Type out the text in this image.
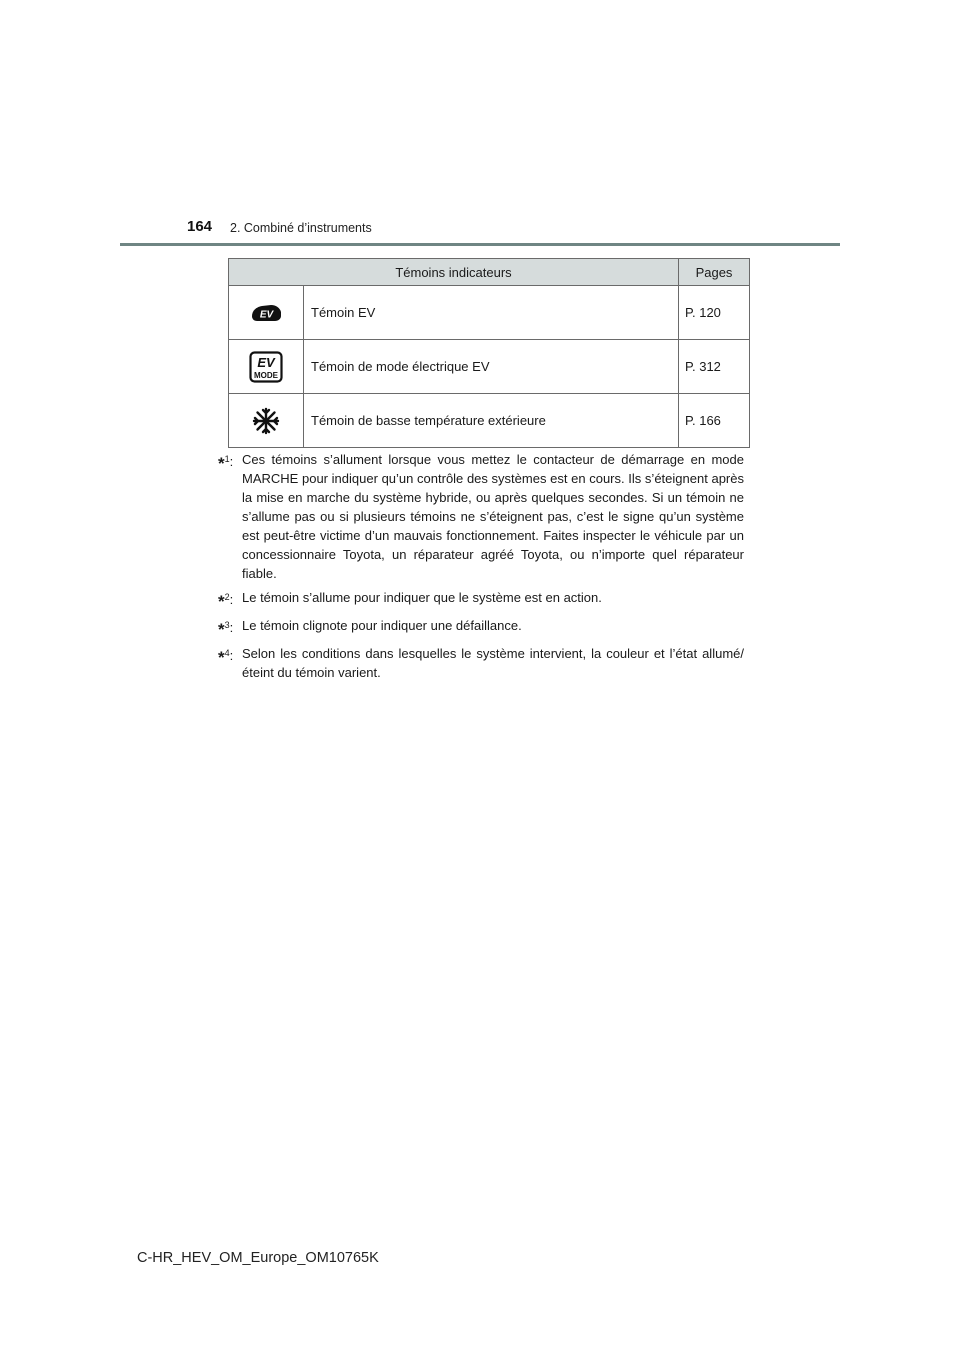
164 2. Combiné d’instruments
Témoins indicateurs		Pages

EV	Témoin EV	P. 120

EV
MODE	Témoin de mode électrique EV	P. 312
	Témoin de basse température extérieure	P. 166
*$^1$: Ces témoins s’allument lorsque vous mettez le contacteur de démarrage en mode MARCHE pour indiquer qu’un contrôle des systèmes est en cours. Ils s’éteignent après la mise en marche du système hybride, ou après quelques secondes. Si un témoin ne s’allume pas ou si plusieurs témoins ne s’éteignent pas, c’est le signe qu’un système est peut-être victime d’un mauvais fonctionnement. Faites inspecter le véhicule par un concessionnaire Toyota, un réparateur agréé Toyota, ou n’importe quel réparateur fiable.
*$^2$: Le témoin s’allume pour indiquer que le système est en action.
*$^3$: Le témoin clignote pour indiquer une défaillance.
*$^4$: Selon les conditions dans lesquelles le système intervient, la couleur et l’état allumé/éteint du témoin varient.
C-HR_HEV_OM_Europe_OM10765K
